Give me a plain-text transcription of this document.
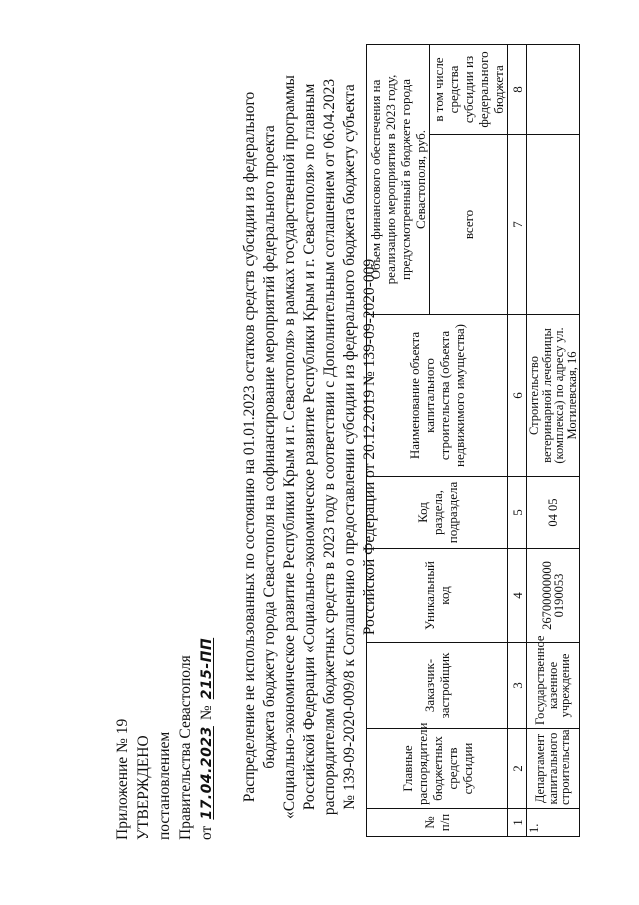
Приложение № 19 УТВЕРЖДЕНО постановлением Правительства Севастополя от17.04.2023№215-ПП Распределение не использованных по состоянию на 01.01.2023 остатков средств субсидии из федерального бюджета бюджету города Севастополя на софинансирование мероприятий федерального проекта «Социально-экономическое развитие Республики Крым и г. Севастополя» в рамках государственной программы Российской Федерации «Социально-экономическое развитие Республики Крым и г. Севастополя» по главным распорядителям бюджетных средств в 2023 году в соответствии с Дополнительным соглашением от 06.04.2023 № 139-09-2020-009/8 к Соглашению о предоставлении субсидии из федерального бюджета бюджету субъекта Российской Федерации от 20.12.2019 № 139-09-2020-009
№ п/п	Главные распорядители бюджетных средств субсидии	Заказчик-застройщик	Уникальный код	Код раздела, подраздела	Наименование объекта капитального строительства (объекта недвижимого имущества)	Объем финансового обеспечения на реализацию мероприятия в 2023 году, предусмотренный в бюджете города Севастополя, руб.	
						всего	в том числе средства субсидии из федерального бюджета
1	2	3	4	5	6	7	8
1.	Департамент капитального строительства	Государственное казенное учреждение	26700000000 0190053	04 05	Строительство ветеринарной лечебницы (комплекса) по адресу ул. Могилевская, 16		
